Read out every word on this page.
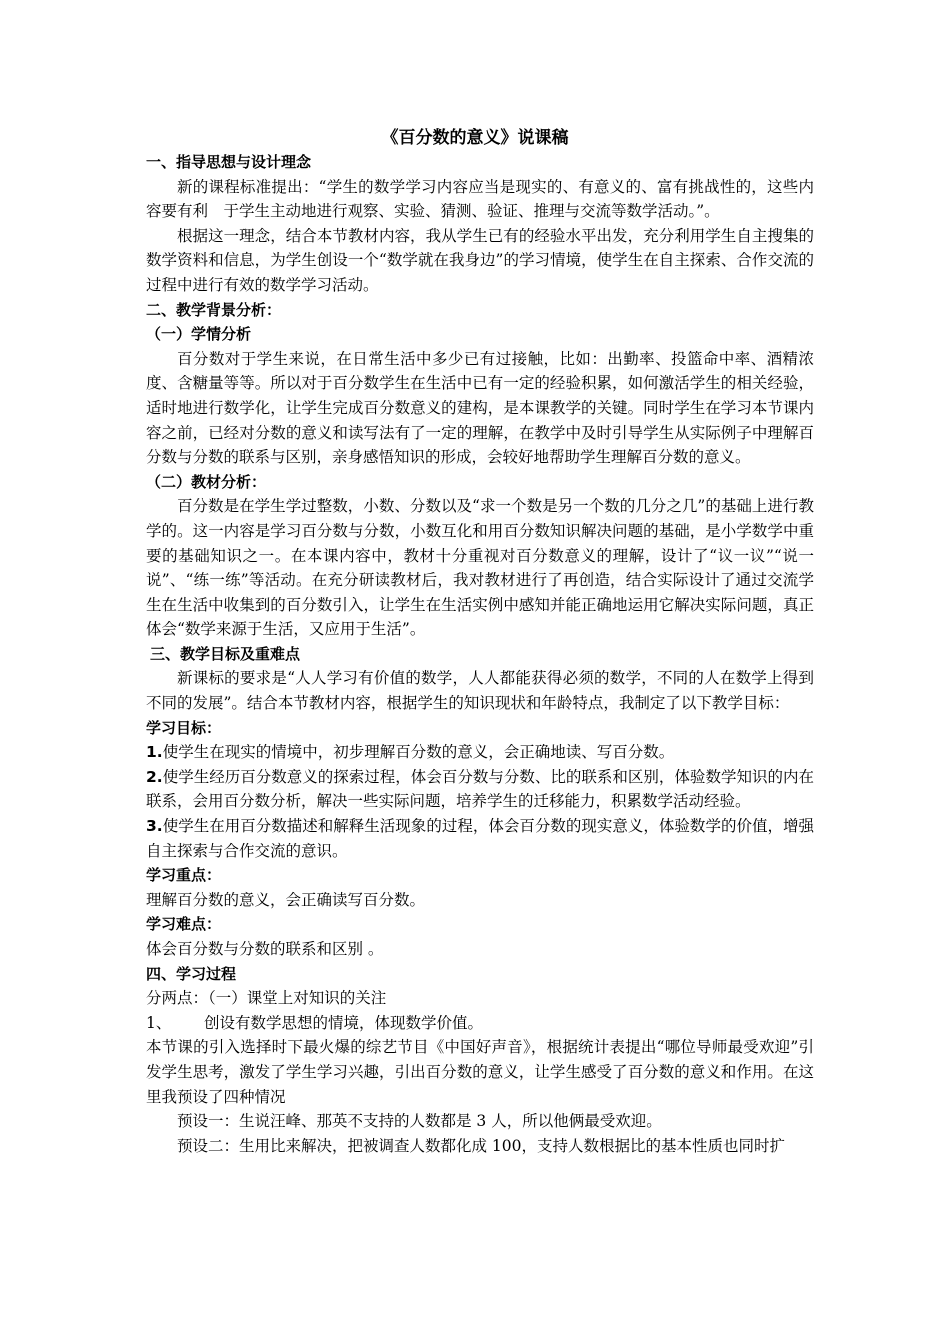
《百分数的意义》说课稿

一、指导思想与设计理念

新的课程标准提出：“学生的数学学习内容应当是现实的、有意义的、富有挑战性的，这些内　容要有利　于学生主动地进行观察、实验、猜测、验证、推理与交流等数学活动。”。

根据这一理念，结合本节教材内容，我从学生已有的经验水平出发，充分利用学生自主搜集的数学资料和信息，为学生创设一个“数学就在我身边”的学习情境，使学生在自主探索、合作交流的过程中进行有效的数学学习活动。

二、教学背景分析：

（一）学情分析

百分数对于学生来说，在日常生活中多少已有过接触，比如：出勤率、投篮命中率、酒精浓度、含糖量等等。所以对于百分数学生在生活中已有一定的经验积累，如何激活学生的相关经验，适时地进行数学化，让学生完成百分数意义的建构，是本课教学的关键。同时学生在学习本节课内容之前，已经对分数的意义和读写法有了一定的理解，在教学中及时引导学生从实际例子中理解百分数与分数的联系与区别，亲身感悟知识的形成，会较好地帮助学生理解百分数的意义。

（二）教材分析：

百分数是在学生学过整数，小数、分数以及“求一个数是另一个数的几分之几”的基础上进行教学的。这一内容是学习百分数与分数，小数互化和用百分数知识解决问题的基础，是小学数学中重要的基础知识之一。在本课内容中，教材十分重视对百分数意义的理解，设计了“议一议”“说一说”、“练一练”等活动。在充分研读教材后，我对教材进行了再创造，结合实际设计了通过交流学生在生活中收集到的百分数引入，让学生在生活实例中感知并能正确地运用它解决实际问题，真正体会“数学来源于生活，又应用于生活”。

三、教学目标及重难点

新课标的要求是“人人学习有价值的数学，人人都能获得必须的数学，不同的人在数学上得到不同的发展”。结合本节教材内容，根据学生的知识现状和年龄特点，我制定了以下教学目标：

学习目标：

1.使学生在现实的情境中，初步理解百分数的意义，会正确地读、写百分数。

2.使学生经历百分数意义的探索过程，体会百分数与分数、比的联系和区别，体验数学知识的内在联系，会用百分数分析，解决一些实际问题，培养学生的迁移能力，积累数学活动经验。

3.使学生在用百分数描述和解释生活现象的过程，体会百分数的现实意义，体验数学的价值，增强自主探索与合作交流的意识。

学习重点：

理解百分数的意义，会正确读写百分数。

学习难点：

体会百分数与分数的联系和区别 。

四、学习过程

分两点：（一）课堂上对知识的关注

1、 创设有数学思想的情境，体现数学价值。

本节课的引入选择时下最火爆的综艺节目《中国好声音》，根据统计表提出“哪位导师最受欢迎”引发学生思考，激发了学生学习兴趣，引出百分数的意义，让学生感受了百分数的意义和作用。在这里我预设了四种情况

预设一：生说汪峰、那英不支持的人数都是 3 人，所以他俩最受欢迎。

预设二：生用比来解决，把被调查人数都化成 100，支持人数根据比的基本性质也同时扩
